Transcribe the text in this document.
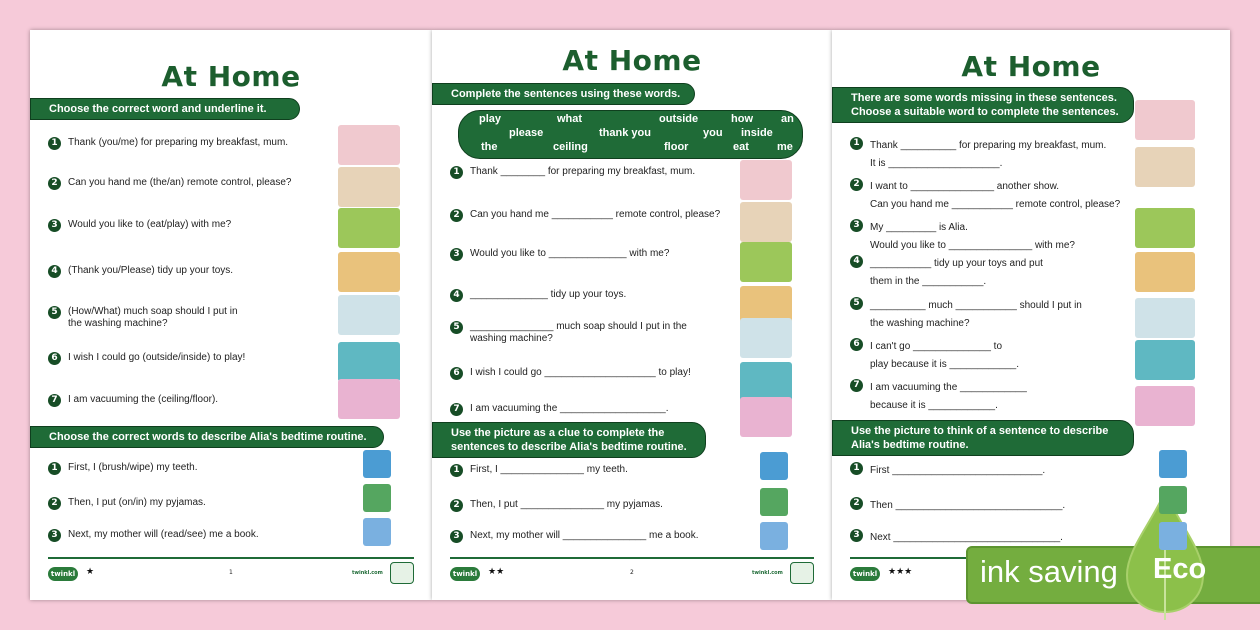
At Home
Choose the correct word and underline it.
1	Thank (you/me) for preparing my breakfast, mum.
2	Can you hand me (the/an) remote control, please?
3	Would you like to (eat/play) with me?
4	(Thank you/Please) tidy up your toys.
5	(How/What) much soap should I put in
the washing machine?
6	I wish I could go (outside/inside) to play!
7	I am vacuuming the (ceiling/floor).
Choose the correct words to describe Alia's bedtime routine.
1	First, I (brush/wipe) my teeth.
2	Then, I put (on/in) my pyjamas.
3	Next, my mother will (read/see) me a book.
twinkl	★	1	twinkl.com
At Home
Complete the sentences using these words.
1	Thank ________ for preparing my breakfast, mum.
2	Can you hand me ___________ remote control, please?
3	Would you like to ______________ with me?
4	______________ tidy up your toys.
5	_______________ much soap should I put in the
washing machine?
6	I wish I could go ____________________ to play!
7	I am vacuuming the ___________________.
Use the picture as a clue to complete the
sentences to describe Alia's bedtime routine.
1	First, I _______________ my teeth.
2	Then, I put _______________ my pyjamas.
3	Next, my mother will _______________ me a book.
twinkl	★★	2	twinkl.com
At Home
There are some words missing in these sentences.
Choose a suitable word to complete the sentences.
1	Thank __________ for preparing my breakfast, mum.
It is ____________________.
2	I want to _______________ another show.
Can you hand me ___________ remote control, please?
3	My _________ is Alia.
Would you like to _______________ with me?
4	___________ tidy up your toys and put
them in the ___________.
5	__________ much ___________ should I put in
the washing machine?
6	I can't go ______________ to
play because it is ____________.
7	I am vacuuming the ____________
because it is ____________.
Use the picture to think of a sentence to describe
Alia's bedtime routine.
1	First ___________________________.
2	Then ______________________________.
3	Next ______________________________.
twinkl	★★★
play
the
please
what
ceiling
thank you
outside
floor
you
how
eat
inside
an
me
ink saving Eco
